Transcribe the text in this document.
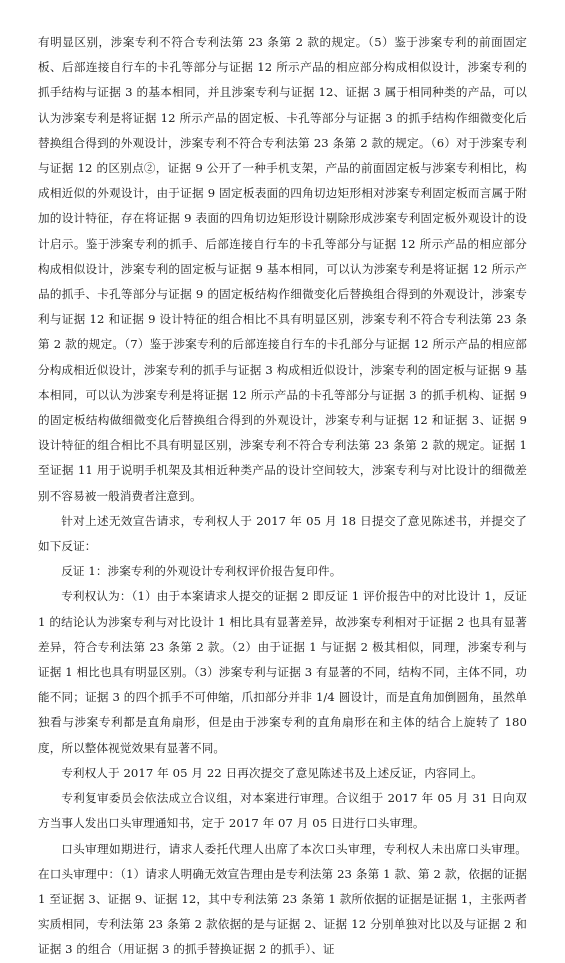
有明显区别，涉案专利不符合专利法第 23 条第 2 款的规定。（5）鉴于涉案专利的前面固定板、后部连接自行车的卡孔等部分与证据 12 所示产品的相应部分构成相似设计，涉案专利的抓手结构与证据 3 的基本相同，并且涉案专利与证据 12、证据 3 属于相同种类的产品，可以认为涉案专利是将证据 12 所示产品的固定板、卡孔等部分与证据 3 的抓手结构作细微变化后替换组合得到的外观设计，涉案专利不符合专利法第 23 条第 2 款的规定。（6）对于涉案专利与证据 12 的区别点②，证据 9 公开了一种手机支架，产品的前面固定板与涉案专利相比，构成相近似的外观设计，由于证据 9 固定板表面的四角切边矩形相对涉案专利固定板而言属于附加的设计特征，存在将证据 9 表面的四角切边矩形设计剔除形成涉案专利固定板外观设计的设计启示。鉴于涉案专利的抓手、后部连接自行车的卡孔等部分与证据 12 所示产品的相应部分构成相似设计，涉案专利的固定板与证据 9 基本相同，可以认为涉案专利是将证据 12 所示产品的抓手、卡孔等部分与证据 9 的固定板结构作细微变化后替换组合得到的外观设计，涉案专利与证据 12 和证据 9 设计特征的组合相比不具有明显区别，涉案专利不符合专利法第 23 条第 2 款的规定。（7）鉴于涉案专利的后部连接自行车的卡孔部分与证据 12 所示产品的相应部分构成相近似设计，涉案专利的抓手与证据 3 构成相近似设计，涉案专利的固定板与证据 9 基本相同，可以认为涉案专利是将证据 12 所示产品的卡孔等部分与证据 3 的抓手机构、证据 9 的固定板结构做细微变化后替换组合得到的外观设计，涉案专利与证据 12 和证据 3、证据 9 设计特征的组合相比不具有明显区别，涉案专利不符合专利法第 23 条第 2 款的规定。证据 1 至证据 11 用于说明手机架及其相近种类产品的设计空间较大，涉案专利与对比设计的细微差别不容易被一般消费者注意到。

针对上述无效宣告请求，专利权人于 2017 年 05 月 18 日提交了意见陈述书，并提交了如下反证：

反证 1：涉案专利的外观设计专利权评价报告复印件。

专利权认为：（1）由于本案请求人提交的证据 2 即反证 1 评价报告中的对比设计 1，反证 1 的结论认为涉案专利与对比设计 1 相比具有显著差异，故涉案专利相对于证据 2 也具有显著差异，符合专利法第 23 条第 2 款。（2）由于证据 1 与证据 2 极其相似，同理，涉案专利与证据 1 相比也具有明显区别。（3）涉案专利与证据 3 有显著的不同，结构不同，主体不同，功能不同；证据 3 的四个抓手不可伸缩，爪扣部分并非 1/4 圆设计，而是直角加倒圆角，虽然单独看与涉案专利都是直角扇形，但是由于涉案专利的直角扇形在和主体的结合上旋转了 180 度，所以整体视觉效果有显著不同。

专利权人于 2017 年 05 月 22 日再次提交了意见陈述书及上述反证，内容同上。

专利复审委员会依法成立合议组，对本案进行审理。合议组于 2017 年 05 月 31 日向双方当事人发出口头审理通知书，定于 2017 年 07 月 05 日进行口头审理。

口头审理如期进行，请求人委托代理人出席了本次口头审理，专利权人未出席口头审理。在口头审理中：（1）请求人明确无效宣告理由是专利法第 23 条第 1 款、第 2 款，依据的证据 1 至证据 3、证据 9、证据 12，其中专利法第 23 条第 1 款所依据的证据是证据 1，主张两者实质相同，专利法第 23 条第 2 款依据的是与证据 2、证据 12 分别单独对比以及与证据 2 和证据 3 的组合（用证据 3 的抓手替换证据 2 的抓手）、证
